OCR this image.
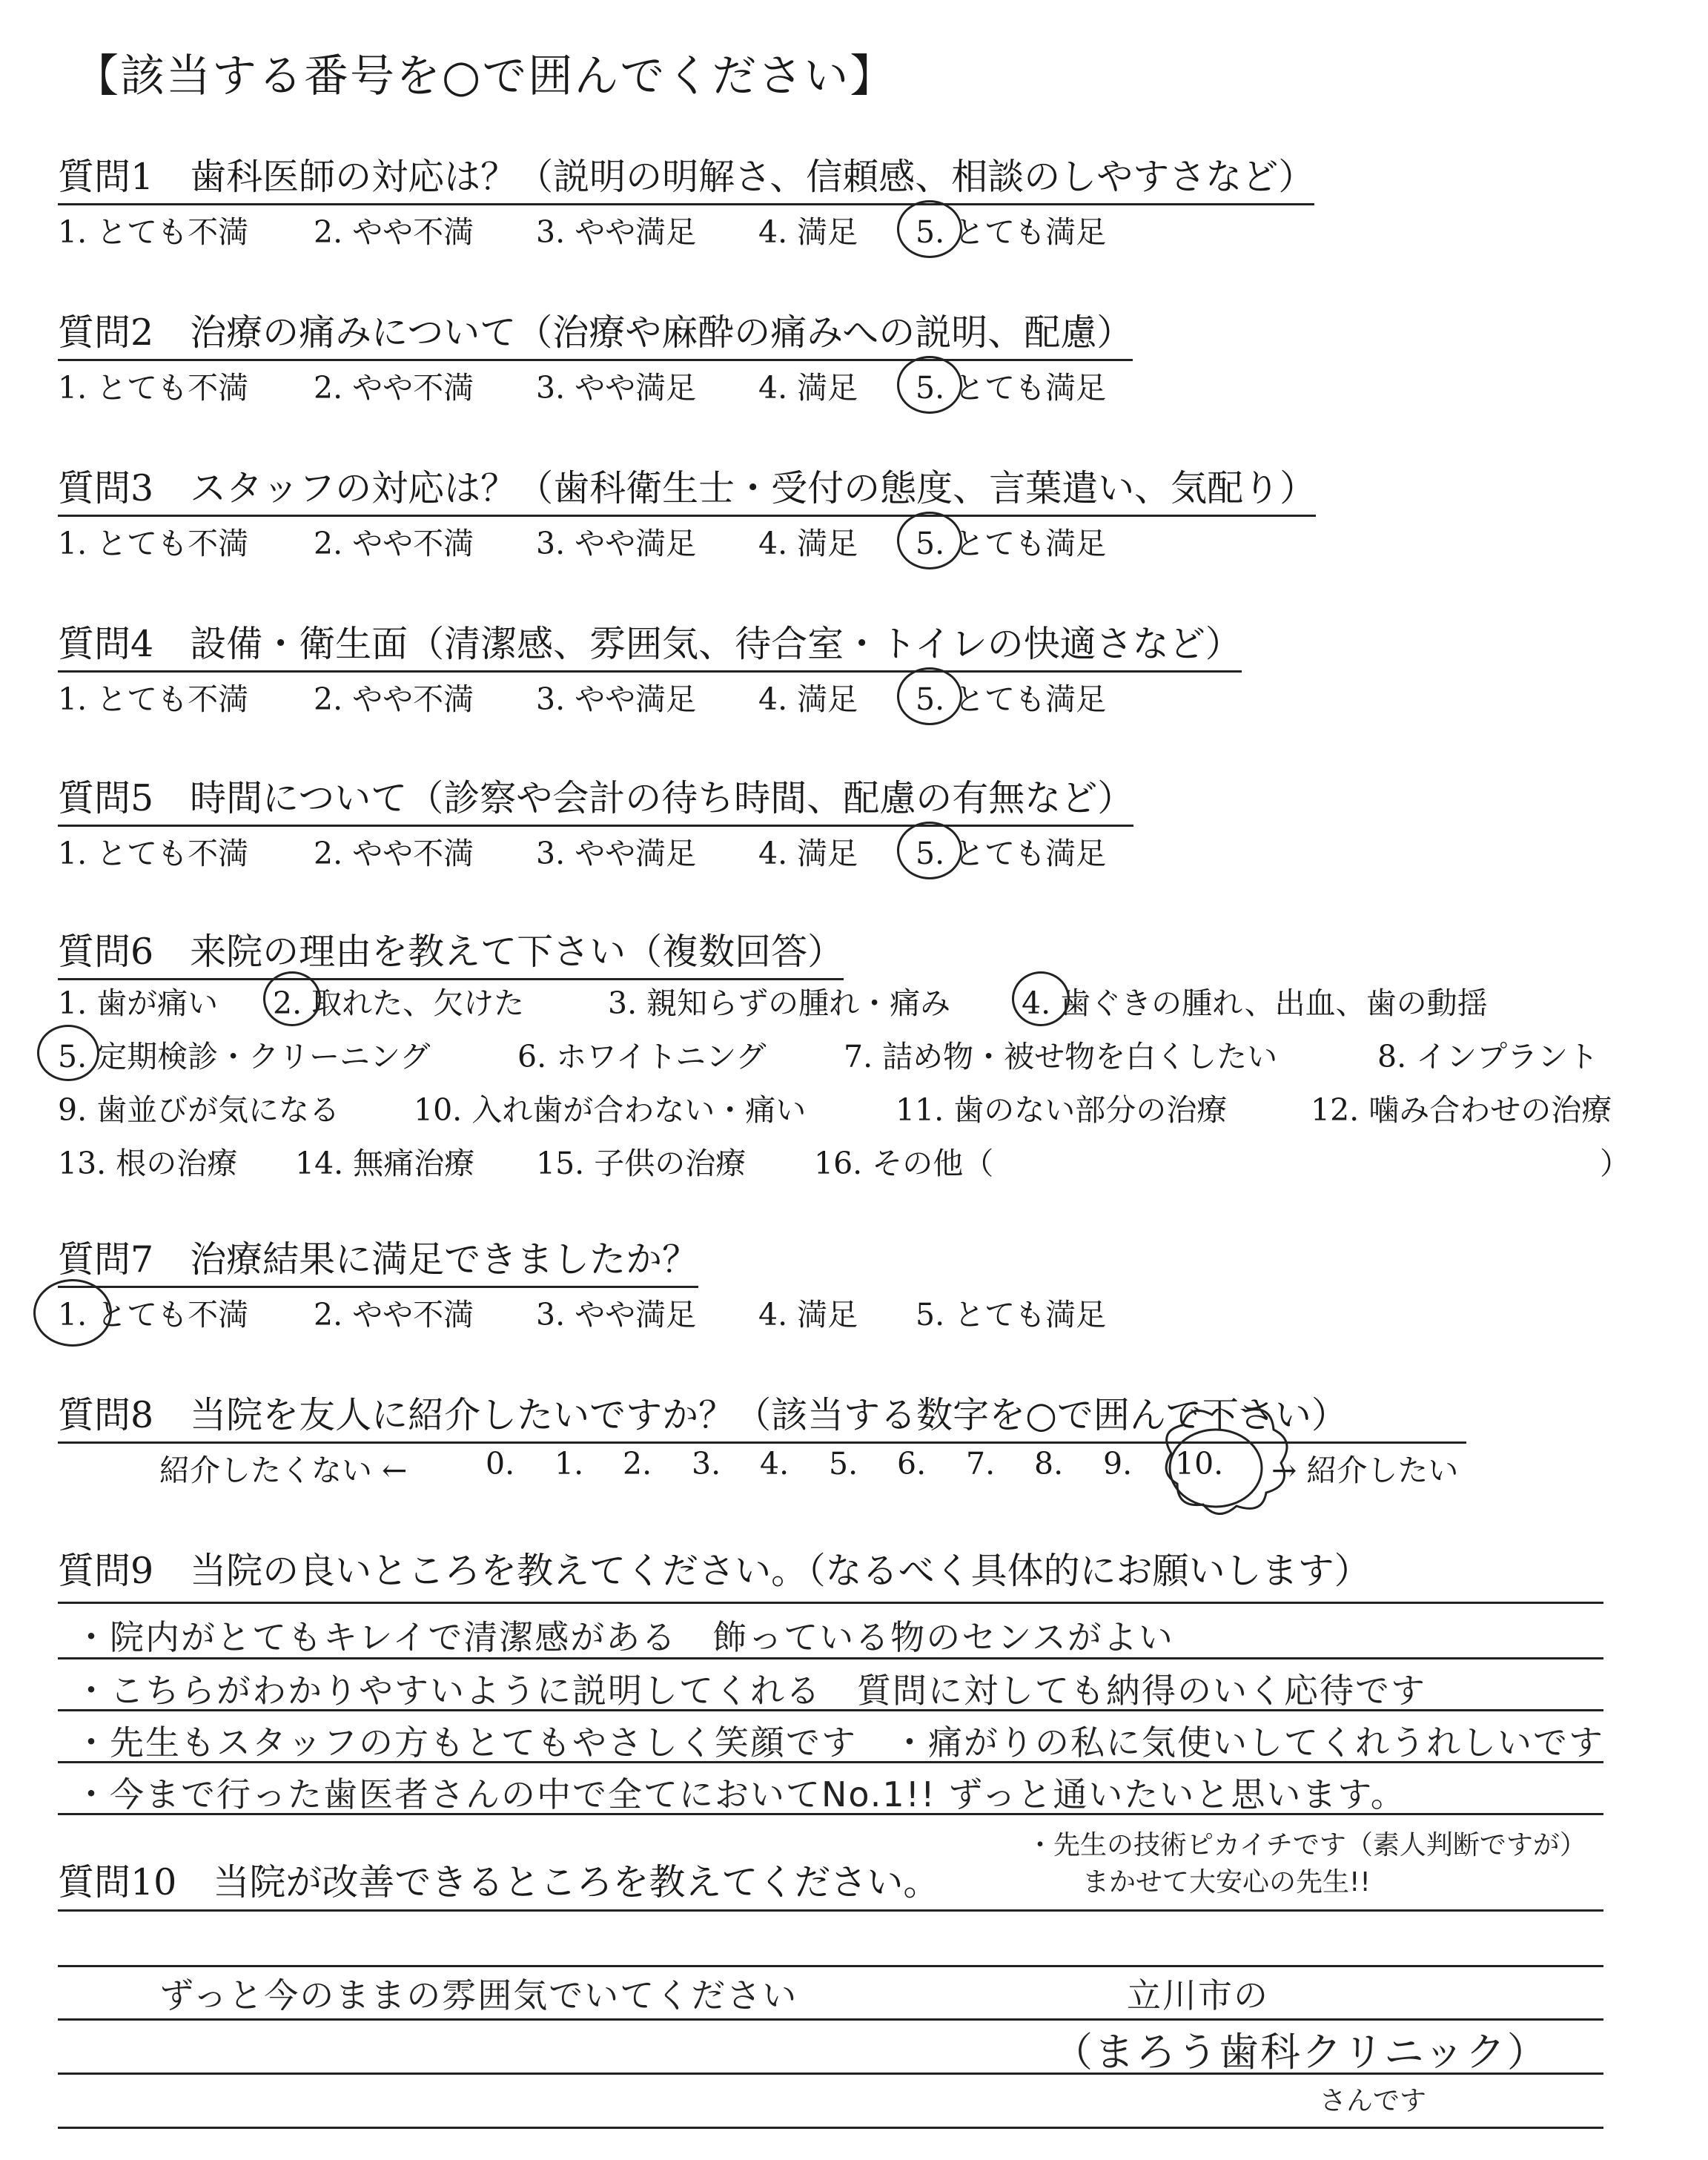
【該当する番号を○で囲んでください】
質問1　歯科医師の対応は？（説明の明解さ、信頼感、相談のしやすさなど）
1. とても不満 2. やや不満 3. やや満足 4. 満足 5. とても満足
質問2　治療の痛みについて（治療や麻酔の痛みへの説明、配慮）
1. とても不満 2. やや不満 3. やや満足 4. 満足 5. とても満足
質問3　スタッフの対応は？（歯科衛生士・受付の態度、言葉遣い、気配り）
1. とても不満 2. やや不満 3. やや満足 4. 満足 5. とても満足
質問4　設備・衛生面（清潔感、雰囲気、待合室・トイレの快適さなど）
1. とても不満 2. やや不満 3. やや満足 4. 満足 5. とても満足
質問5　時間について（診察や会計の待ち時間、配慮の有無など）
1. とても不満 2. やや不満 3. やや満足 4. 満足 5. とても満足
質問6　来院の理由を教えて下さい（複数回答）
1. 歯が痛い 2. 取れた、欠けた	3. 親知らずの腫れ・痛み 4. 歯ぐきの腫れ、出血、歯の動揺
5. 定期検診・クリーニング	6. ホワイトニング	7. 詰め物・被せ物を白くしたい	8. インプラント
9. 歯並びが気になる 10. 入れ歯が合わない・痛い	11. 歯のない部分の治療	12. 噛み合わせの治療
13. 根の治療 14. 無痛治療 15. 子供の治療 16. その他（	）
質問7　治療結果に満足できましたか？
1. とても不満 2. やや不満 3. やや満足 4. 満足 5. とても満足
質問8　当院を友人に紹介したいですか？（該当する数字を○で囲んで下さい）
紹介したくない ←	0. 1. 2. 3. 4. 5. 6. 7. 8. 9. 10. → 紹介したい
質問9　当院の良いところを教えてください。（なるべく具体的にお願いします）
・院内がとてもキレイで清潔感がある　飾っている物のセンスがよい
・こちらがわかりやすいように説明してくれる　質問に対しても納得のいく応待です
・先生もスタッフの方もとてもやさしく笑顔です　・痛がりの私に気使いしてくれうれしいです
・今まで行った歯医者さんの中で全てにおいてNo.1!! ずっと通いたいと思います。
質問10　当院が改善できるところを教えてください。
・先生の技術ピカイチです（素人判断ですが）
まかせて大安心の先生!!
ずっと今のままの雰囲気でいてください	立川市の
（まろう歯科クリニック）
さんです
